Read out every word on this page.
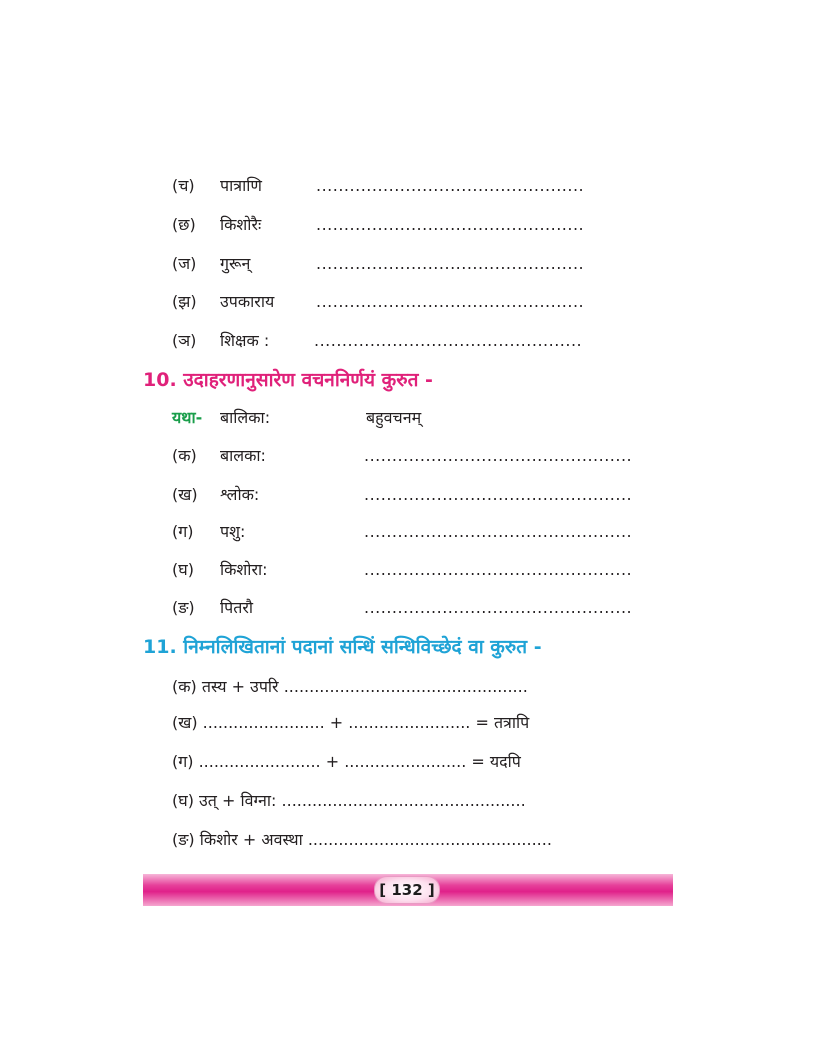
(च) पात्राणि	................................................
(छ) किशोरैः	................................................
(ज) गुरून्	................................................
(झ) उपकाराय	................................................
(ञ) शिक्षक :	................................................
10. उदाहरणानुसारेण वचननिर्णयं कुरुत -
यथा- बालिका:	बहुवचनम्
(क) बालका:	................................................
(ख) श्लोक:	................................................
(ग) पशु:	................................................
(घ) किशोरा:	................................................
(ङ) पितरौ	................................................
11. निम्नलिखितानां पदानां सन्धिं सन्धिविच्छेदं वा कुरुत -
(क) तस्य + उपरि ................................................
(ख) ........................ + ........................ = तत्रापि
(ग) ........................ + ........................ = यदपि
(घ) उत् + विग्ना: ................................................
(ङ) किशोर + अवस्था ................................................
[ 132 ]
